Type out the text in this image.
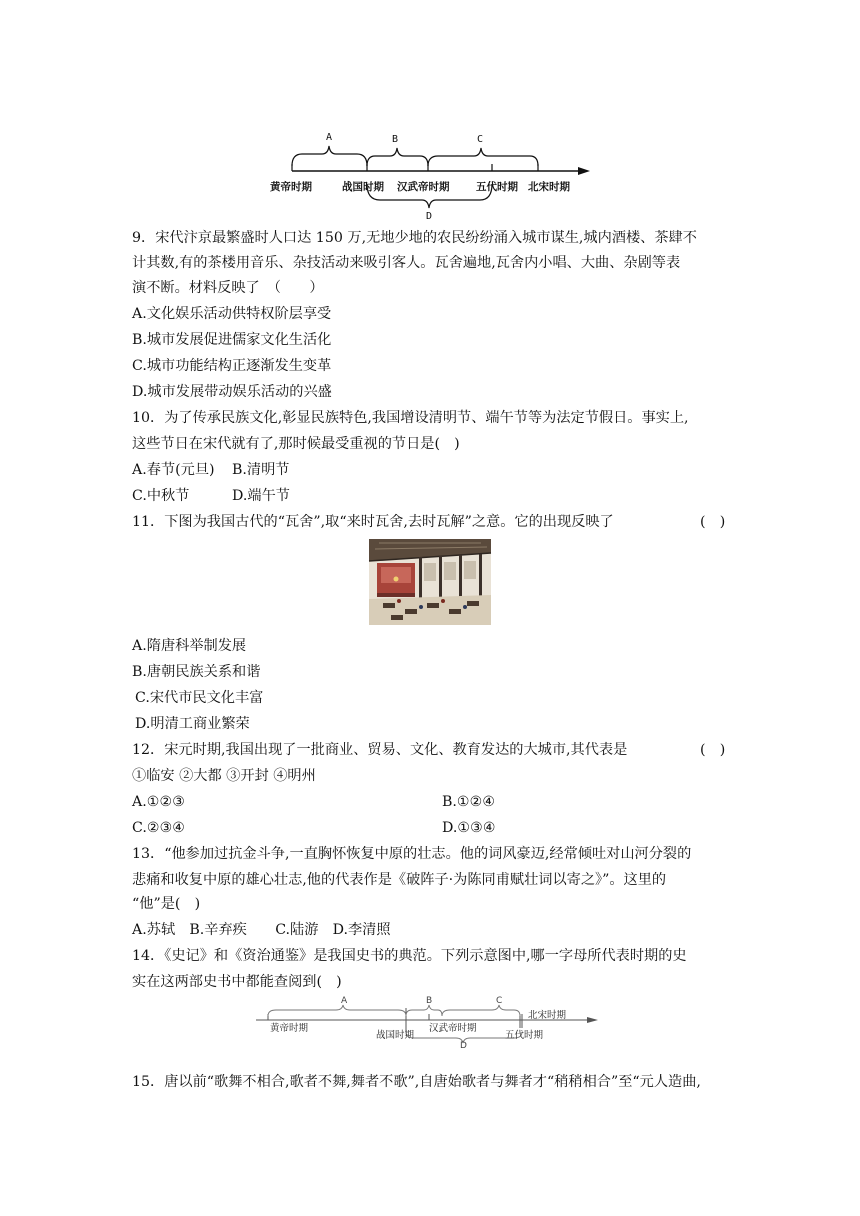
A	B	C
D
黄帝时期	战国时期 汉武帝时期	五代时期 北宋时期
9．宋代汴京最繁盛时人口达 150 万,无地少地的农民纷纷涌入城市谋生,城内酒楼、茶肆不
计其数,有的茶楼用音乐、杂技活动来吸引客人。瓦舍遍地,瓦舍内小唱、大曲、杂剧等表
演不断。材料反映了　（　　）
A.文化娱乐活动供特权阶层享受
B.城市发展促进儒家文化生活化
C.城市功能结构正逐渐发生变革
D.城市发展带动娱乐活动的兴盛
10．为了传承民族文化,彰显民族特色,我国增设清明节、端午节等为法定节假日。事实上,
这些节日在宋代就有了,那时候最受重视的节日是(　)
A.春节(元旦) B.清明节
C.中秋节	D.端午节
11．下图为我国古代的“瓦舍”,取“来时瓦舍,去时瓦解”之意。它的出现反映了	(　)
A.隋唐科举制发展
B.唐朝民族关系和谐
C.宋代市民文化丰富
D.明清工商业繁荣
12．宋元时期,我国出现了一批商业、贸易、文化、教育发达的大城市,其代表是	(　)
①临安 ②大都 ③开封 ④明州
A.①②③	B.①②④
C.②③④	D.①③④
13．“他参加过抗金斗争,一直胸怀恢复中原的壮志。他的词风豪迈,经常倾吐对山河分裂的
悲痛和收复中原的雄心壮志,他的代表作是《破阵子·为陈同甫赋壮词以寄之》”。这里的
“他”是(　)
A.苏轼　B.辛弃疾　　C.陆游　D.李清照
14．《史记》和《资治通鉴》是我国史书的典范。下列示意图中,哪一字母所代表时期的史
实在这两部史书中都能查阅到(　)
A	B	C
D
黄帝时期
战国时期
汉武帝时期
五代时期
北宋时期
15．唐以前“歌舞不相合,歌者不舞,舞者不歌”,自唐始歌者与舞者才“稍稍相合”至“元人造曲,
